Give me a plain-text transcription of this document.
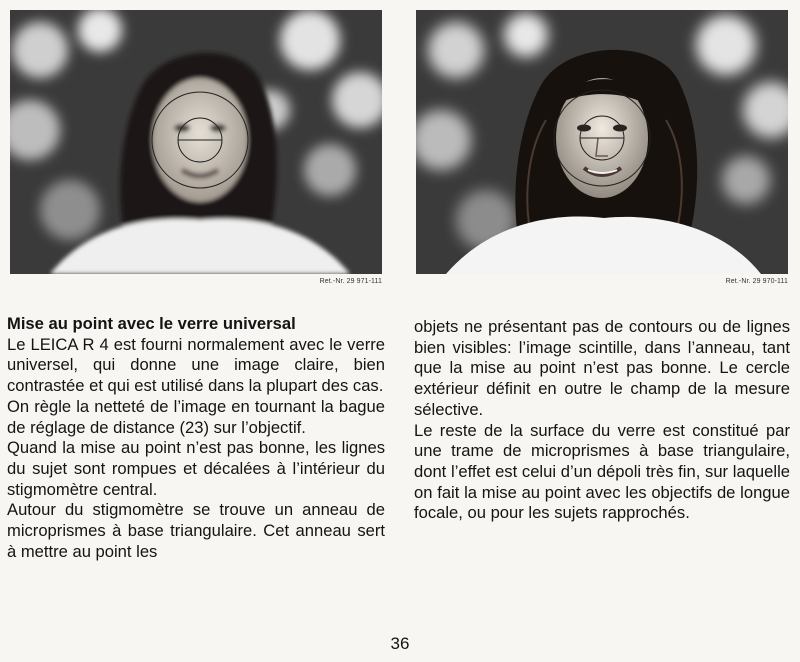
Ret.-Nr. 29 971-111	Ret.-Nr. 29 970-111
Mise au point avec le verre universal

Le LEICA R 4 est fourni normalement avec le verre universel, qui donne une image claire, bien contrastée et qui est utilisé dans la plupart des cas.

On règle la netteté de l’image en tournant la bague de réglage de distance (23) sur l’objectif.

Quand la mise au point n’est pas bonne, les lignes du sujet sont rompues et décalées à l’intérieur du stigmomètre central.

Autour du stigmomètre se trouve un anneau de microprismes à base triangulaire. Cet anneau sert à mettre au point les

objets ne présentant pas de contours ou de lignes bien visibles: l’image scintille, dans l’anneau, tant que la mise au point n’est pas bonne. Le cercle extérieur définit en outre le champ de la mesure sélective.

Le reste de la surface du verre est constitué par une trame de microprismes à base triangulaire, dont l’effet est celui d’un dépoli très fin, sur laquelle on fait la mise au point avec les objectifs de longue focale, ou pour les sujets rapprochés.

36
